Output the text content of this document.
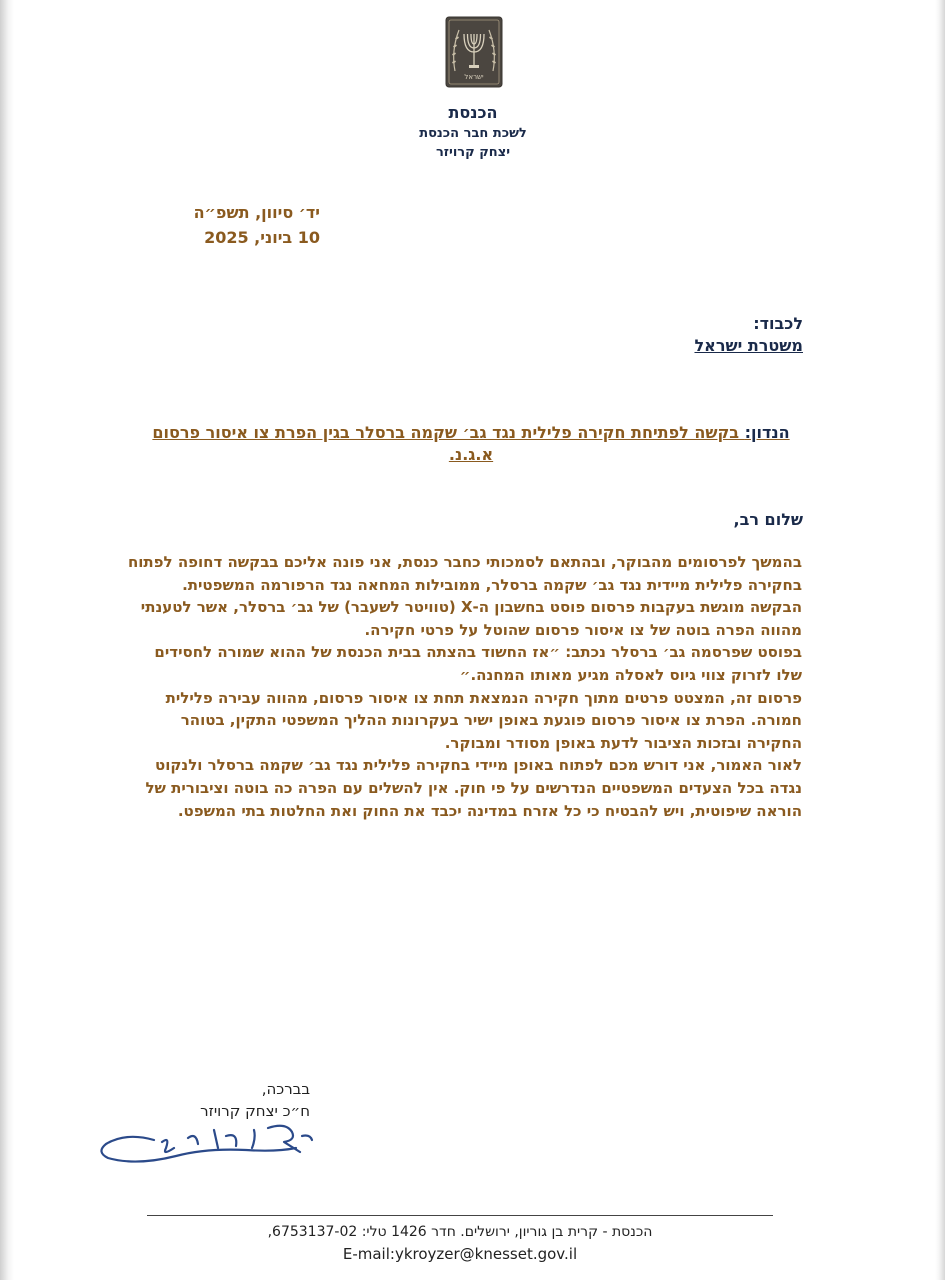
ישראל
הכנסת
לשכת חבר הכנסת
יצחק קרויזר
יד׳ סיוון, תשפ״ה
10 ביוני, 2025
לכבוד:
משטרת ישראל
הנדון: בקשה לפתיחת חקירה פלילית נגד גב׳ שקמה ברסלר בגין הפרת צו איסור פרסום א.ג.נ.
שלום רב,

בהמשך לפרסומים מהבוקר, ובהתאם לסמכותי כחבר כנסת, אני פונה אליכם בבקשה דחופה לפתוח בחקירה פלילית מיידית נגד גב׳ שקמה ברסלר, ממובילות המחאה נגד הרפורמה המשפטית.

הבקשה מוגשת בעקבות פרסום פוסט בחשבון ה-X (טוויטר לשעבר) של גב׳ ברסלר, אשר לטענתי מהווה הפרה בוטה של צו איסור פרסום שהוטל על פרטי חקירה.

בפוסט שפרסמה גב׳ ברסלר נכתב: ״אז החשוד בהצתה בבית הכנסת של ההוא שמורה לחסידים שלו לזרוק צווי גיוס לאסלה מגיע מאותו המחנה.״

פרסום זה, המצטט פרטים מתוך חקירה הנמצאת תחת צו איסור פרסום, מהווה עבירה פלילית חמורה. הפרת צו איסור פרסום פוגעת באופן ישיר בעקרונות ההליך המשפטי התקין, בטוהר החקירה ובזכות הציבור לדעת באופן מסודר ומבוקר.

לאור האמור, אני דורש מכם לפתוח באופן מיידי בחקירה פלילית נגד גב׳ שקמה ברסלר ולנקוט נגדה בכל הצעדים המשפטיים הנדרשים על פי חוק. אין להשלים עם הפרה כה בוטה וציבורית של הוראה שיפוטית, ויש להבטיח כי כל אזרח במדינה יכבד את החוק ואת החלטות בתי המשפט.

בברכה,
ח״כ יצחק קרויזר
הכנסת - קרית בן גוריון, ירושלים. חדר 1426 טלי: 6753137-02,
E-mail:ykroyzer@knesset.gov.il
